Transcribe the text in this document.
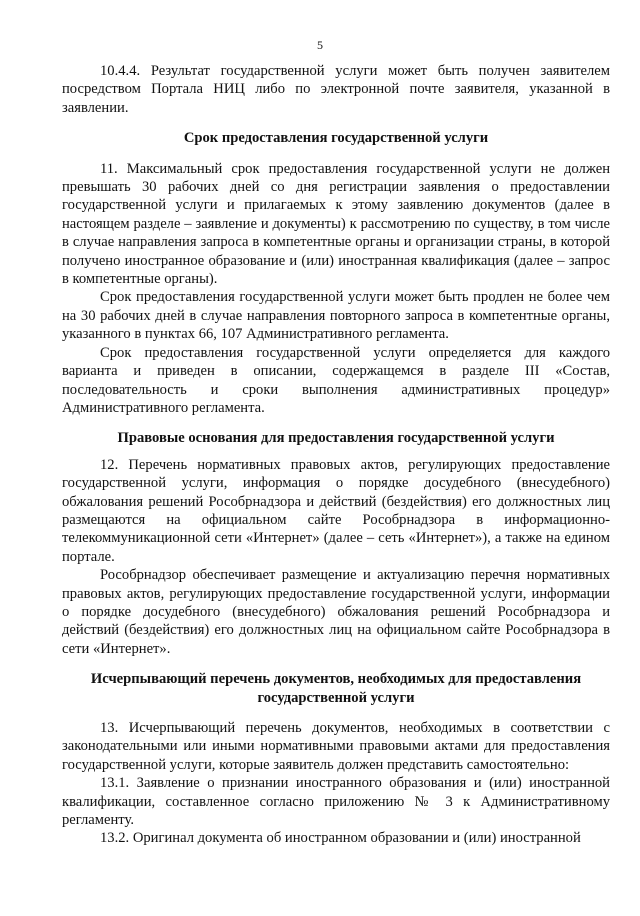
5

10.4.4. Результат государственной услуги может быть получен заявителем посредством Портала НИЦ либо по электронной почте заявителя, указанной в заявлении.

Срок предоставления государственной услуги

11. Максимальный срок предоставления государственной услуги не должен превышать 30 рабочих дней со дня регистрации заявления о предоставлении государственной услуги и прилагаемых к этому заявлению документов (далее в настоящем разделе – заявление и документы) к рассмотрению по существу, в том числе в случае направления запроса в компетентные органы и организации страны, в которой получено иностранное образование и (или) иностранная квалификация (далее – запрос в компетентные органы).

Срок предоставления государственной услуги может быть продлен не более чем на 30 рабочих дней в случае направления повторного запроса в компетентные органы, указанного в пунктах 66, 107 Административного регламента.

Срок предоставления государственной услуги определяется для каждого варианта и приведен в описании, содержащемся в разделе III «Состав, последовательность и сроки выполнения административных процедур» Административного регламента.

Правовые основания для предоставления государственной услуги

12. Перечень нормативных правовых актов, регулирующих предоставление государственной услуги, информация о порядке досудебного (внесудебного) обжалования решений Рособрнадзора и действий (бездействия) его должностных лиц размещаются на официальном сайте Рособрнадзора в информационно-телекоммуникационной сети «Интернет» (далее – сеть «Интернет»), а также на едином портале.

Рособрнадзор обеспечивает размещение и актуализацию перечня нормативных правовых актов, регулирующих предоставление государственной услуги, информации о порядке досудебного (внесудебного) обжалования решений Рособрнадзора и действий (бездействия) его должностных лиц на официальном сайте Рособрнадзора в сети «Интернет».

Исчерпывающий перечень документов, необходимых для предоставления государственной услуги

13. Исчерпывающий перечень документов, необходимых в соответствии с законодательными или иными нормативными правовыми актами для предоставления государственной услуги, которые заявитель должен представить самостоятельно:

13.1. Заявление о признании иностранного образования и (или) иностранной квалификации, составленное согласно приложению № 3 к Административному регламенту.

13.2. Оригинал документа об иностранном образовании и (или) иностранной
